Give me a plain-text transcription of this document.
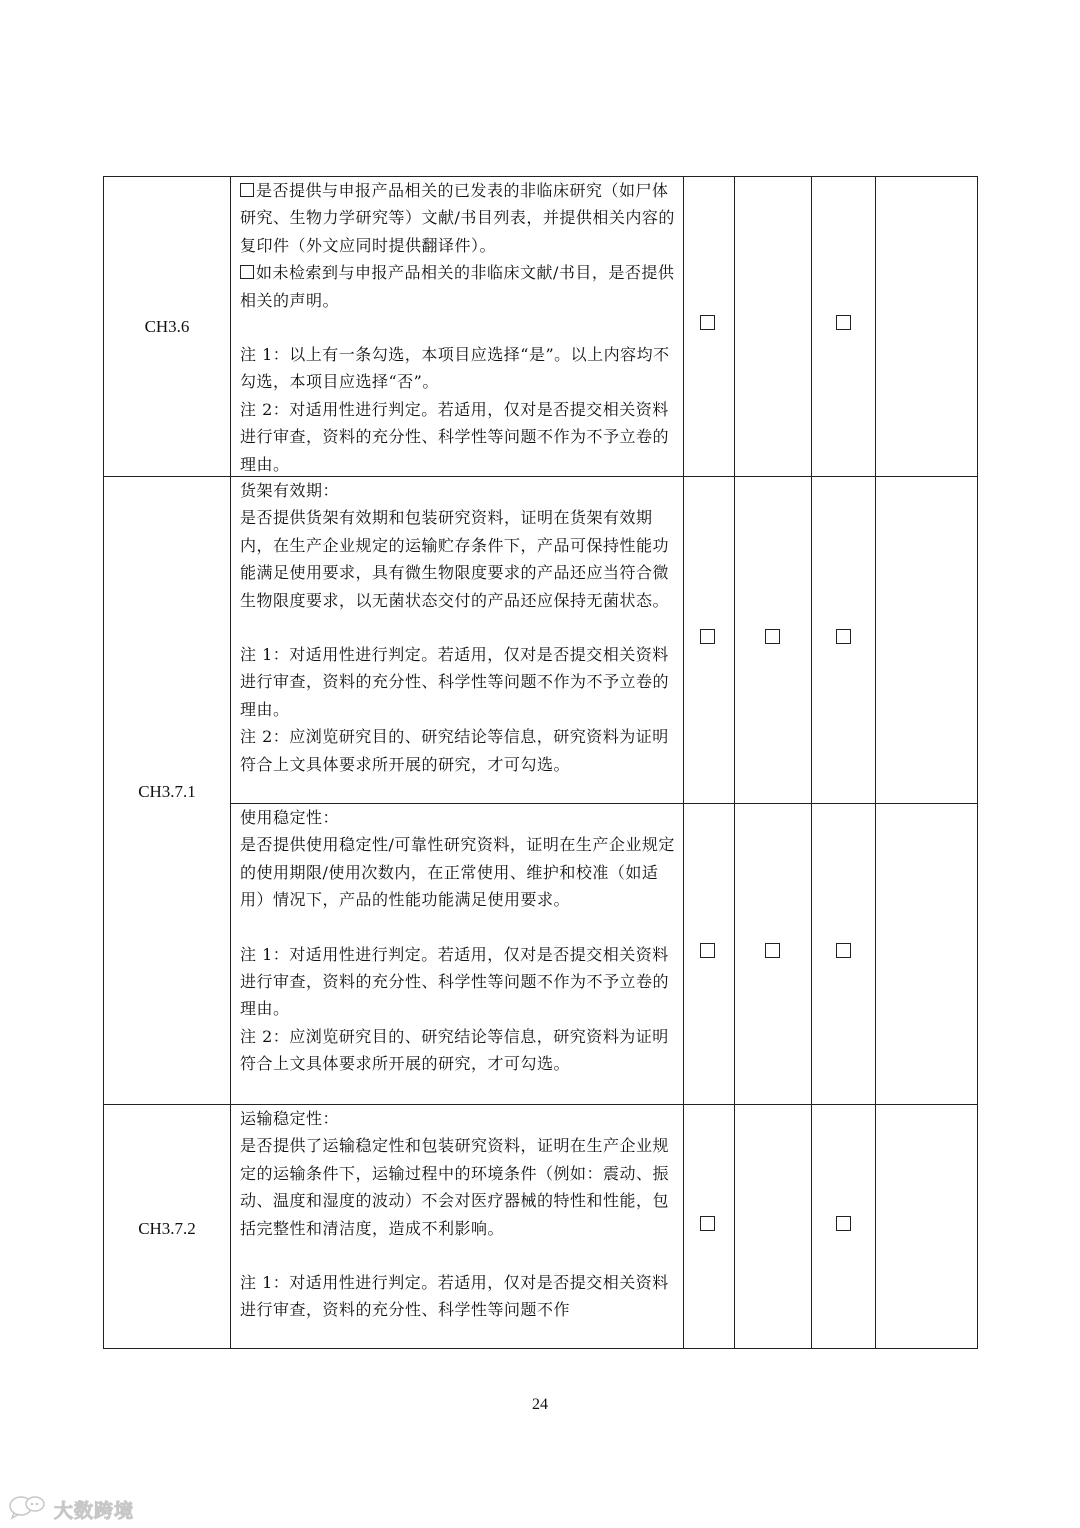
CH3.6

是否提供与申报产品相关的已发表的非临床研究（如尸体研究、生物力学研究等）文献/书目列表，并提供相关内容的复印件（外文应同时提供翻译件）。

如未检索到与申报产品相关的非临床文献/书目，是否提供相关的声明。

注 1：以上有一条勾选，本项目应选择“是”。以上内容均不勾选，本项目应选择“否”。

注 2：对适用性进行判定。若适用，仅对是否提交相关资料进行审查，资料的充分性、科学性等问题不作为不予立卷的理由。

CH3.7.1

货架有效期：

是否提供货架有效期和包装研究资料，证明在货架有效期内，在生产企业规定的运输贮存条件下，产品可保持性能功能满足使用要求，具有微生物限度要求的产品还应当符合微生物限度要求，以无菌状态交付的产品还应保持无菌状态。

注 1：对适用性进行判定。若适用，仅对是否提交相关资料进行审查，资料的充分性、科学性等问题不作为不予立卷的理由。

注 2：应浏览研究目的、研究结论等信息，研究资料为证明符合上文具体要求所开展的研究，才可勾选。

使用稳定性：

是否提供使用稳定性/可靠性研究资料，证明在生产企业规定的使用期限/使用次数内，在正常使用、维护和校准（如适用）情况下，产品的性能功能满足使用要求。

注 1：对适用性进行判定。若适用，仅对是否提交相关资料进行审查，资料的充分性、科学性等问题不作为不予立卷的理由。

注 2：应浏览研究目的、研究结论等信息，研究资料为证明符合上文具体要求所开展的研究，才可勾选。

CH3.7.2

运输稳定性：

是否提供了运输稳定性和包装研究资料，证明在生产企业规定的运输条件下，运输过程中的环境条件（例如：震动、振动、温度和湿度的波动）不会对医疗器械的特性和性能，包括完整性和清洁度，造成不利影响。

注 1：对适用性进行判定。若适用，仅对是否提交相关资料进行审查，资料的充分性、科学性等问题不作

24
大数跨境
